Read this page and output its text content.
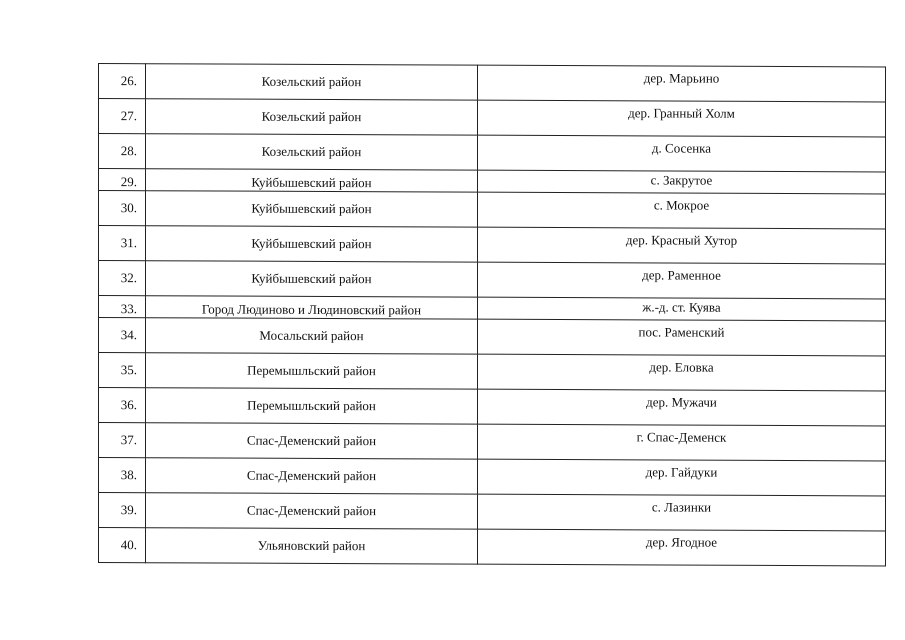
26.	Козельский район	дер. Марьино
27.	Козельский район	дер. Гранный Холм
28.	Козельский район	д. Сосенка
29.	Куйбышевский район	с. Закрутое
30.	Куйбышевский район	с. Мокрое
31.	Куйбышевский район	дер. Красный Хутор
32.	Куйбышевский район	дер. Раменное
33.	Город Людиново и Людиновский район	ж.-д. ст. Куява
34.	Мосальский район	пос. Раменский
35.	Перемышльский район	дер. Еловка
36.	Перемышльский район	дер. Мужачи
37.	Спас-Деменский район	г. Спас-Деменск
38.	Спас-Деменский район	дер. Гайдуки
39.	Спас-Деменский район	с. Лазинки
40.	Ульяновский район	дер. Ягодное
